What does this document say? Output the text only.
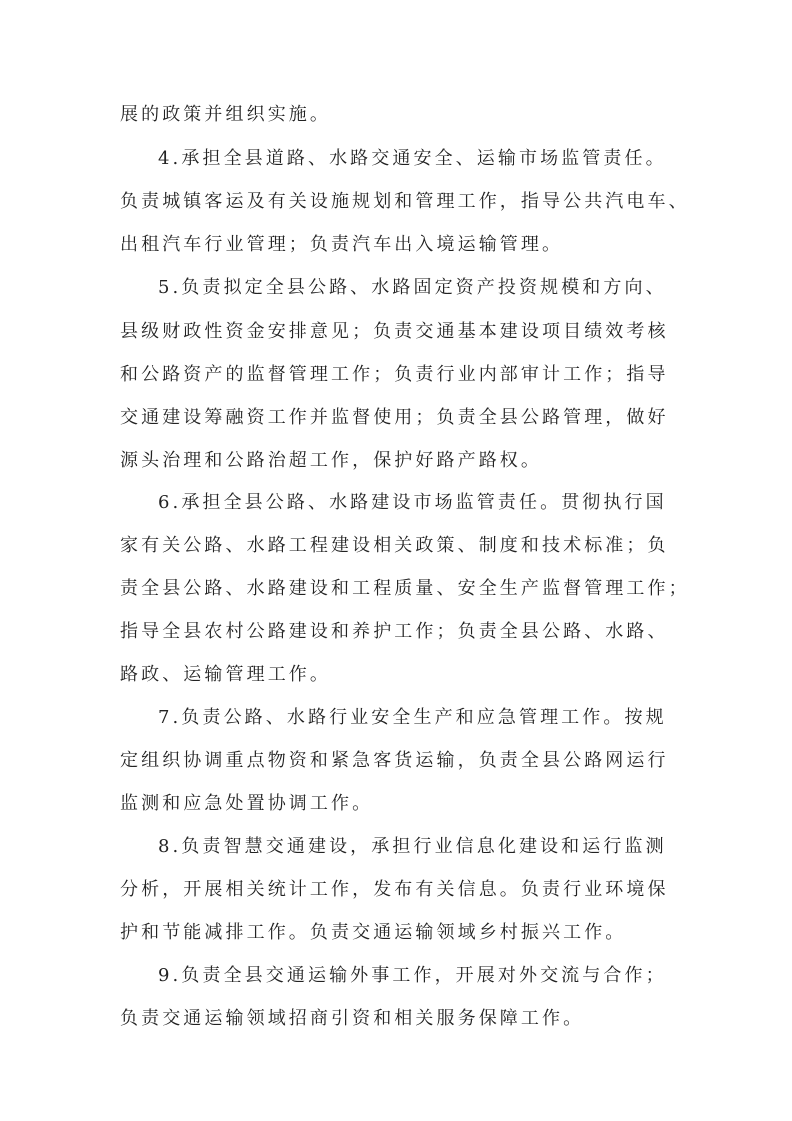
展的政策并组织实施。
4.承担全县道路、水路交通安全、运输市场监管责任。
负责城镇客运及有关设施规划和管理工作，指导公共汽电车、
出租汽车行业管理；负责汽车出入境运输管理。
5.负责拟定全县公路、水路固定资产投资规模和方向、
县级财政性资金安排意见；负责交通基本建设项目绩效考核
和公路资产的监督管理工作；负责行业内部审计工作；指导
交通建设筹融资工作并监督使用；负责全县公路管理，做好
源头治理和公路治超工作，保护好路产路权。
6.承担全县公路、水路建设市场监管责任。贯彻执行国
家有关公路、水路工程建设相关政策、制度和技术标准；负
责全县公路、水路建设和工程质量、安全生产监督管理工作；
指导全县农村公路建设和养护工作；负责全县公路、水路、
路政、运输管理工作。
7.负责公路、水路行业安全生产和应急管理工作。按规
定组织协调重点物资和紧急客货运输，负责全县公路网运行
监测和应急处置协调工作。
8.负责智慧交通建设，承担行业信息化建设和运行监测
分析，开展相关统计工作，发布有关信息。负责行业环境保
护和节能减排工作。负责交通运输领域乡村振兴工作。
9.负责全县交通运输外事工作，开展对外交流与合作；
负责交通运输领域招商引资和相关服务保障工作。
